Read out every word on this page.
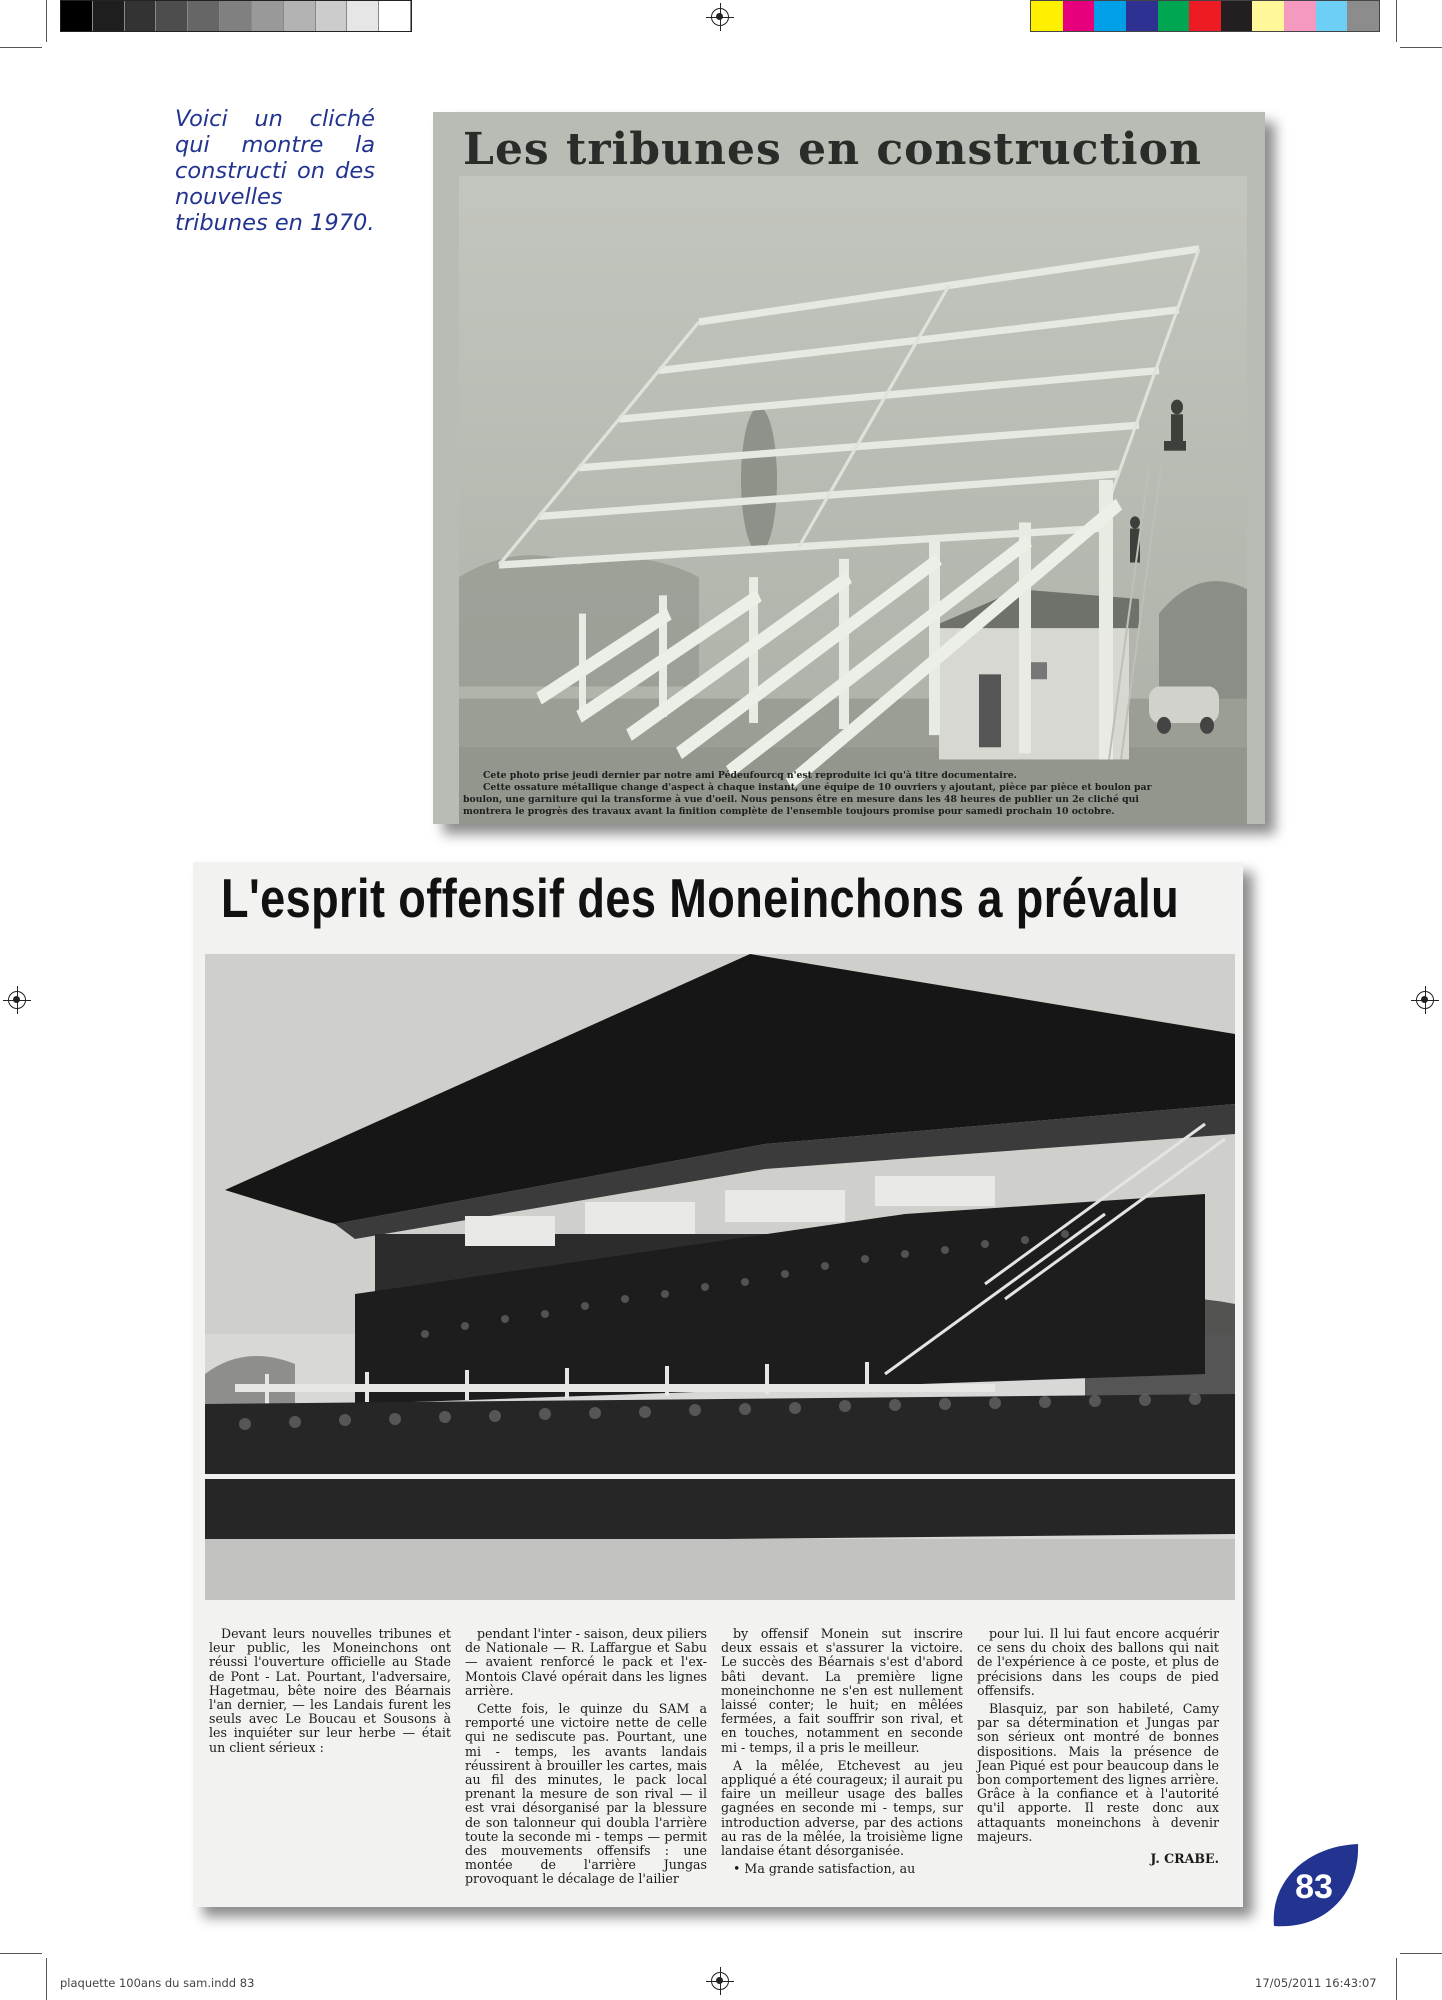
Voici un cliché qui montre la constructi on des nouvelles tribunes en 1970.
Les tribunes en construction
Cete photo prise jeudi dernier par notre ami Pédeufourcq n'est reproduite ici qu'à titre documentaire.
Cette ossature métallique change d'aspect à chaque instant, une équipe de 10 ouvriers y ajoutant, pièce par pièce et boulon par
boulon, une garniture qui la transforme à vue d'oeil. Nous pensons être en mesure dans les 48 heures de publier un 2e cliché qui
montrera le progrès des travaux avant la finition complète de l'ensemble toujours promise pour samedi prochain 10 octobre.
L'esprit offensif des Moneinchons a prévalu

Devant leurs nouvelles tribunes et leur public, les Moneinchons ont réussi l'ouverture officielle au Stade de Pont - Lat. Pourtant, l'adversaire, Hagetmau, bête noire des Béarnais l'an dernier, — les Landais furent les seuls avec Le Boucau et Sousons à les inquiéter sur leur herbe — était un client sérieux :

pendant l'inter - saison, deux piliers de Nationale — R. Laffargue et Sabu — avaient renforcé le pack et l'ex-Montois Clavé opérait dans les lignes arrière.

Cette fois, le quinze du SAM a remporté une victoire nette de celle qui ne sediscute pas. Pourtant, une mi - temps, les avants landais réussirent à brouiller les cartes, mais au fil des minutes, le pack local prenant la mesure de son rival — il est vrai désorganisé par la blessure de son talonneur qui doubla l'arrière toute la seconde mi - temps — permit des mouvements offensifs : une montée de l'arrière Jungas provoquant le décalage de l'ailier

by offensif Monein sut inscrire deux essais et s'assurer la victoire. Le succès des Béarnais s'est d'abord bâti devant. La première ligne moneinchonne ne s'en est nullement laissé conter; le huit; en mêlées fermées, a fait souffrir son rival, et en touches, notamment en seconde mi - temps, il a pris le meilleur.

A la mêlée, Etchevest au jeu appliqué a été courageux; il aurait pu faire un meilleur usage des balles gagnées en seconde mi - temps, sur introduction adverse, par des actions au ras de la mêlée, la troisième ligne landaise étant désorganisée.

• Ma grande satisfaction, au

pour lui. Il lui faut encore acquérir ce sens du choix des ballons qui nait de l'expérience à ce poste, et plus de précisions dans les coups de pied offensifs.

Blasquiz, par son habileté, Camy par sa détermination et Jungas par son sérieux ont montré de bonnes dispositions. Mais la présence de Jean Piqué est pour beaucoup dans le bon comportement des lignes arrière. Grâce à la confiance et à l'autorité qu'il apporte. Il reste donc aux attaquants moneinchons à devenir majeurs.

J. CRABE.
83
plaquette 100ans du sam.indd 83	17/05/2011 16:43:07
